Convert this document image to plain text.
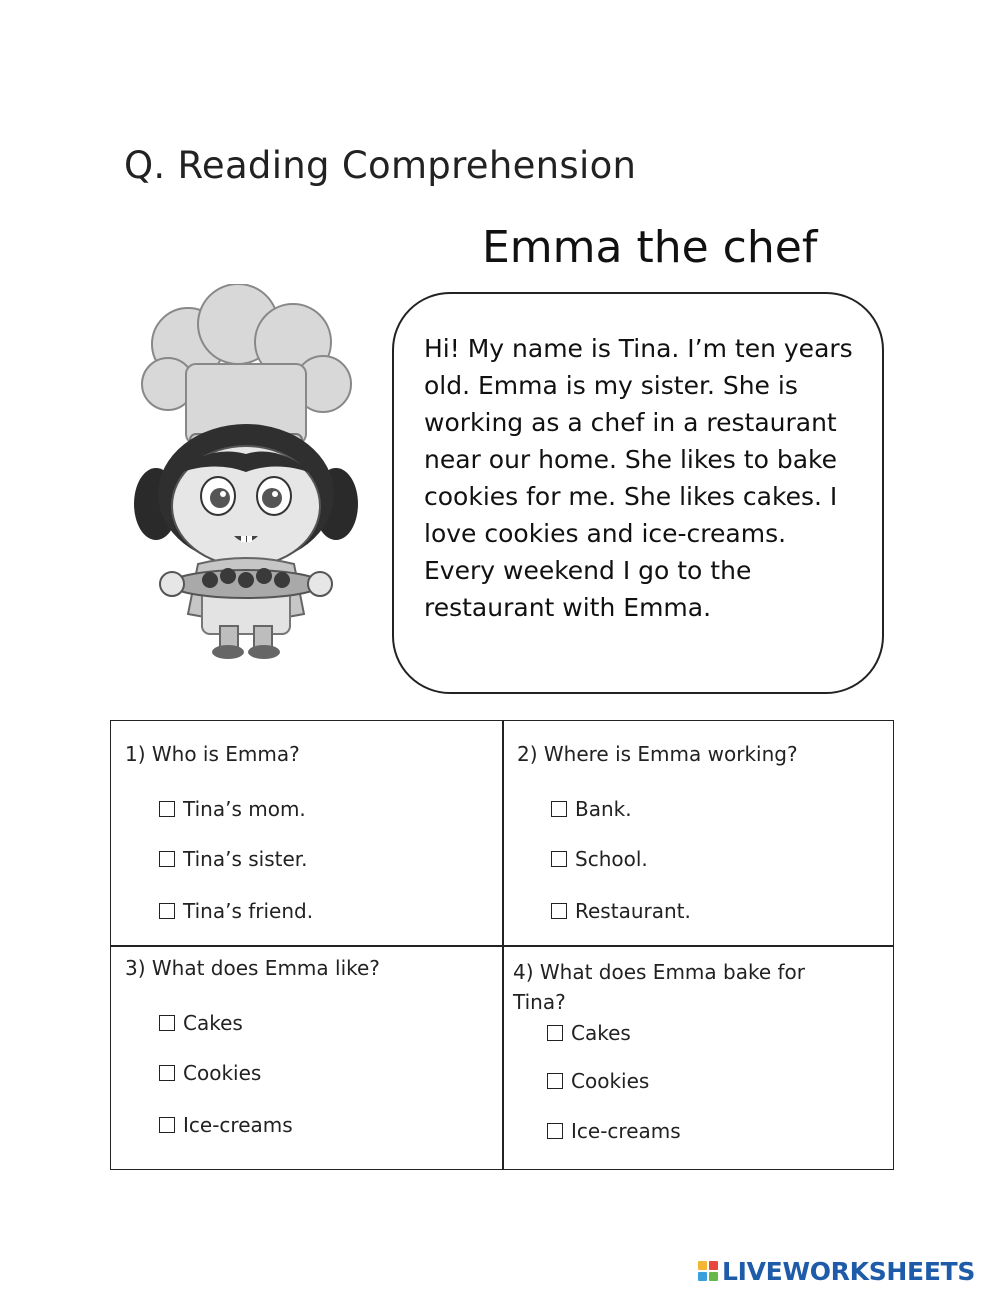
Q. Reading Comprehension
Emma the chef

Hi! My name is Tina. I’m ten years old. Emma is my sister. She is working as a chef in a restaurant near our home. She likes to bake cookies for me. She likes cakes. I love cookies and ice-creams. Every weekend I go to the restaurant with Emma.

1) Who is Emma?

Tina’s mom.
Tina’s sister.
Tina’s friend.

2) Where is Emma working?

Bank.
School.
Restaurant.

3) What does Emma like?

Cakes
Cookies
Ice-creams

4) What does Emma bake for Tina?

Cakes
Cookies
Ice-creams
LIVEWORKSHEETS
